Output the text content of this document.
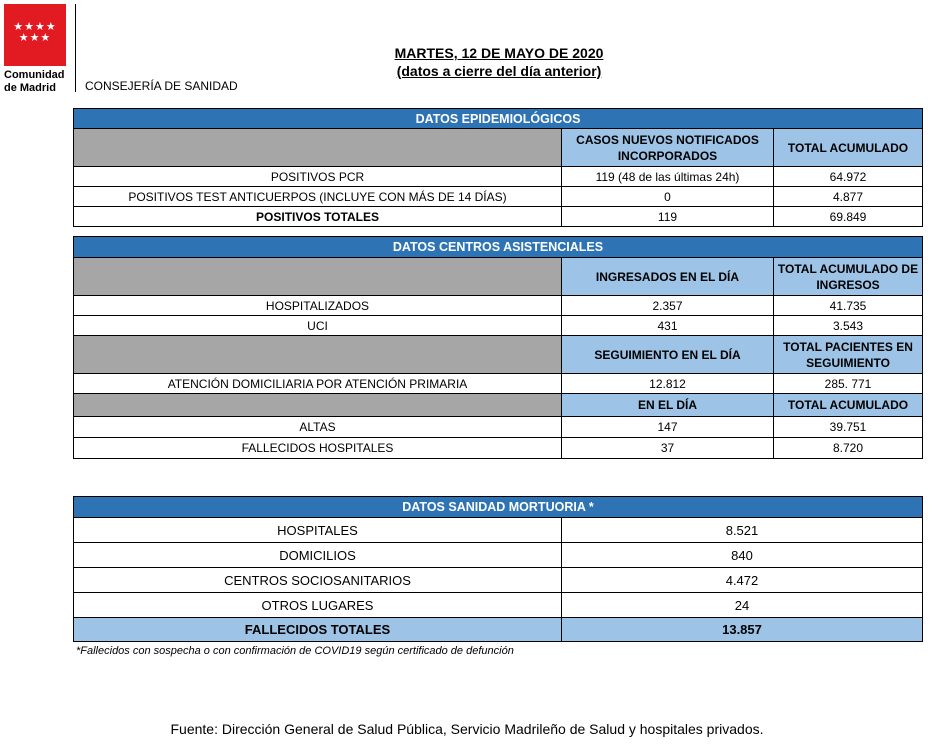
★★★★
★★★
Comunidad
de Madrid	CONSEJERÍA DE SANIDAD
MARTES, 12 DE MAYO DE 2020
(datos a cierre del día anterior)
DATOS EPIDEMIOLÓGICOS		
	CASOS NUEVOS NOTIFICADOS INCORPORADOS	TOTAL ACUMULADO
POSITIVOS PCR	119 (48 de las últimas 24h)	64.972
POSITIVOS TEST ANTICUERPOS (INCLUYE CON MÁS DE 14 DÍAS)	0	4.877
POSITIVOS TOTALES	119	69.849
DATOS CENTROS ASISTENCIALES		
	INGRESADOS EN EL DÍA	TOTAL ACUMULADO DE INGRESOS
HOSPITALIZADOS	2.357	41.735
UCI	431	3.543
	SEGUIMIENTO EN EL DÍA	TOTAL PACIENTES EN SEGUIMIENTO
ATENCIÓN DOMICILIARIA POR ATENCIÓN PRIMARIA	12.812	285. 771
	EN EL DÍA	TOTAL ACUMULADO
ALTAS	147	39.751
FALLECIDOS HOSPITALES	37	8.720
DATOS SANIDAD MORTUORIA *	
HOSPITALES	8.521
DOMICILIOS	840
CENTROS SOCIOSANITARIOS	4.472
OTROS LUGARES	24
FALLECIDOS TOTALES	13.857
*Fallecidos con sospecha o con confirmación de COVID19 según certificado de defunción
Fuente: Dirección General de Salud Pública, Servicio Madrileño de Salud y hospitales privados.
